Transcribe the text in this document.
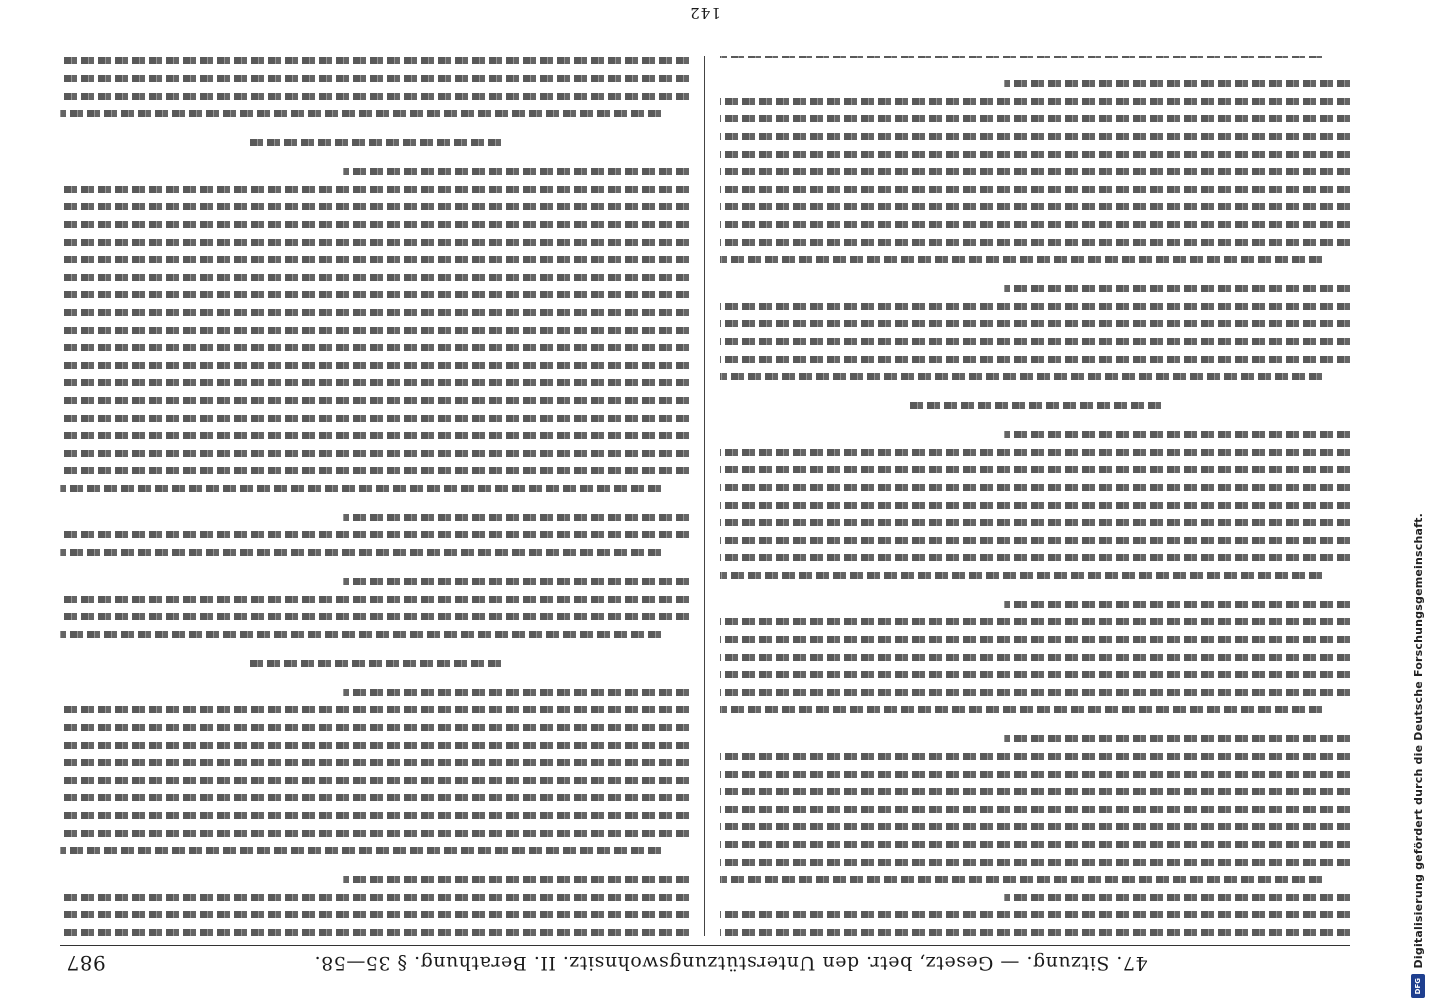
47. Sitzung. — Gesetz, betr. den Unterstützungswohnsitz. II. Berathung. § 35—58.
987
142
Digitalisierung gefördert durch die Deutsche Forschungsgemeinschaft.
DFG
